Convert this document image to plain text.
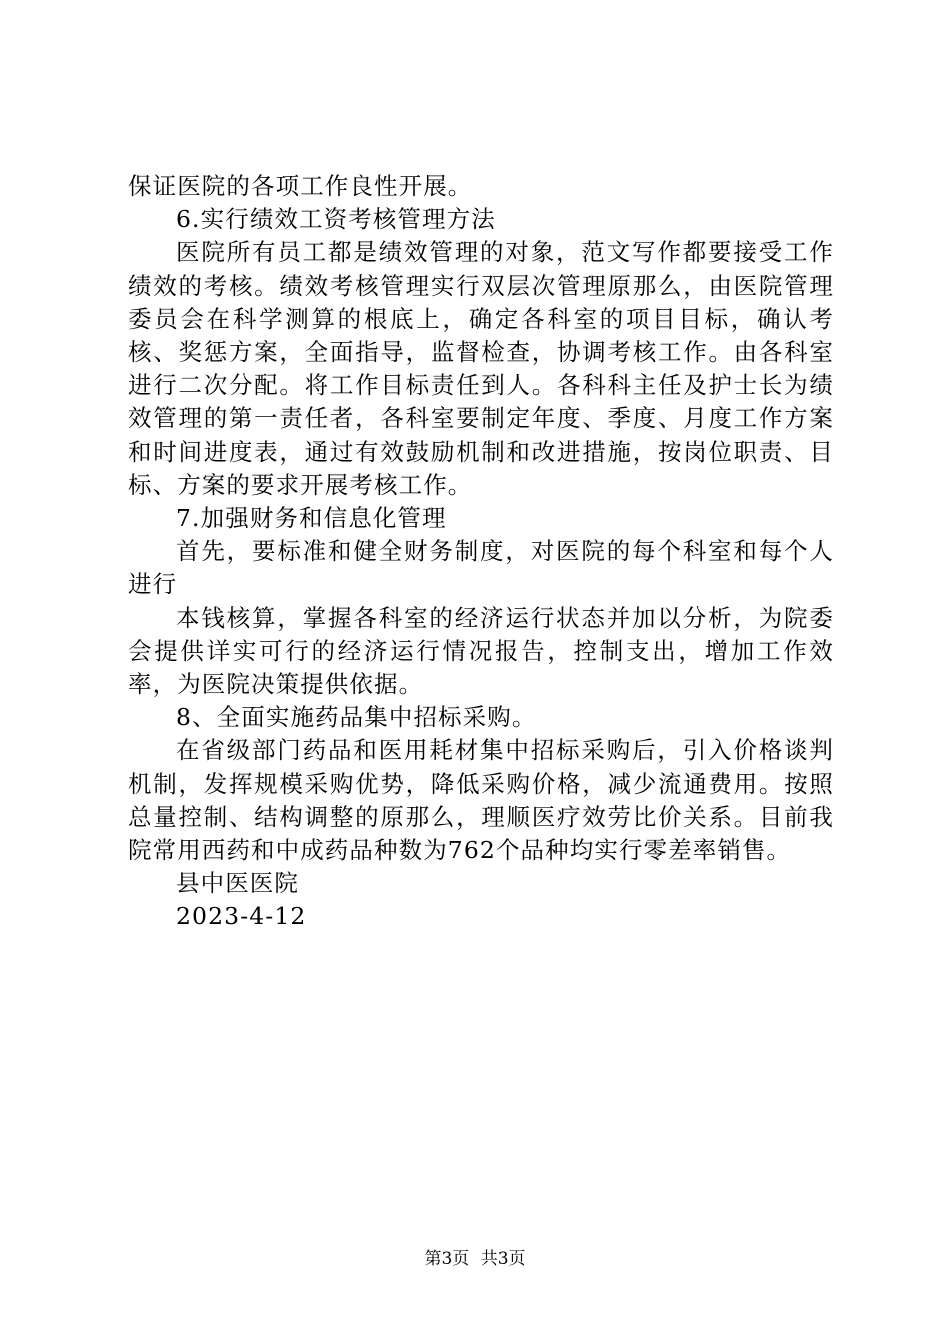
保证医院的各项工作良性开展。

6.实行绩效工资考核管理方法

医院所有员工都是绩效管理的对象，范文写作都要接受工作绩效的考核。绩效考核管理实行双层次管理原那么，由医院管理委员会在科学测算的根底上，确定各科室的项目目标，确认考核、奖惩方案，全面指导，监督检查，协调考核工作。由各科室进行二次分配。将工作目标责任到人。各科科主任及护士长为绩效管理的第一责任者，各科室要制定年度、季度、月度工作方案和时间进度表，通过有效鼓励机制和改进措施，按岗位职责、目标、方案的要求开展考核工作。

7.加强财务和信息化管理

首先，要标准和健全财务制度，对医院的每个科室和每个人进行

本钱核算，掌握各科室的经济运行状态并加以分析，为院委会提供详实可行的经济运行情况报告，控制支出，增加工作效率，为医院决策提供依据。

8、全面实施药品集中招标采购。

在省级部门药品和医用耗材集中招标采购后，引入价格谈判机制，发挥规模采购优势，降低采购价格，减少流通费用。按照总量控制、结构调整的原那么，理顺医疗效劳比价关系。目前我院常用西药和中成药品种数为762个品种均实行零差率销售。

县中医医院

2023-4-12

第3页 共3页
